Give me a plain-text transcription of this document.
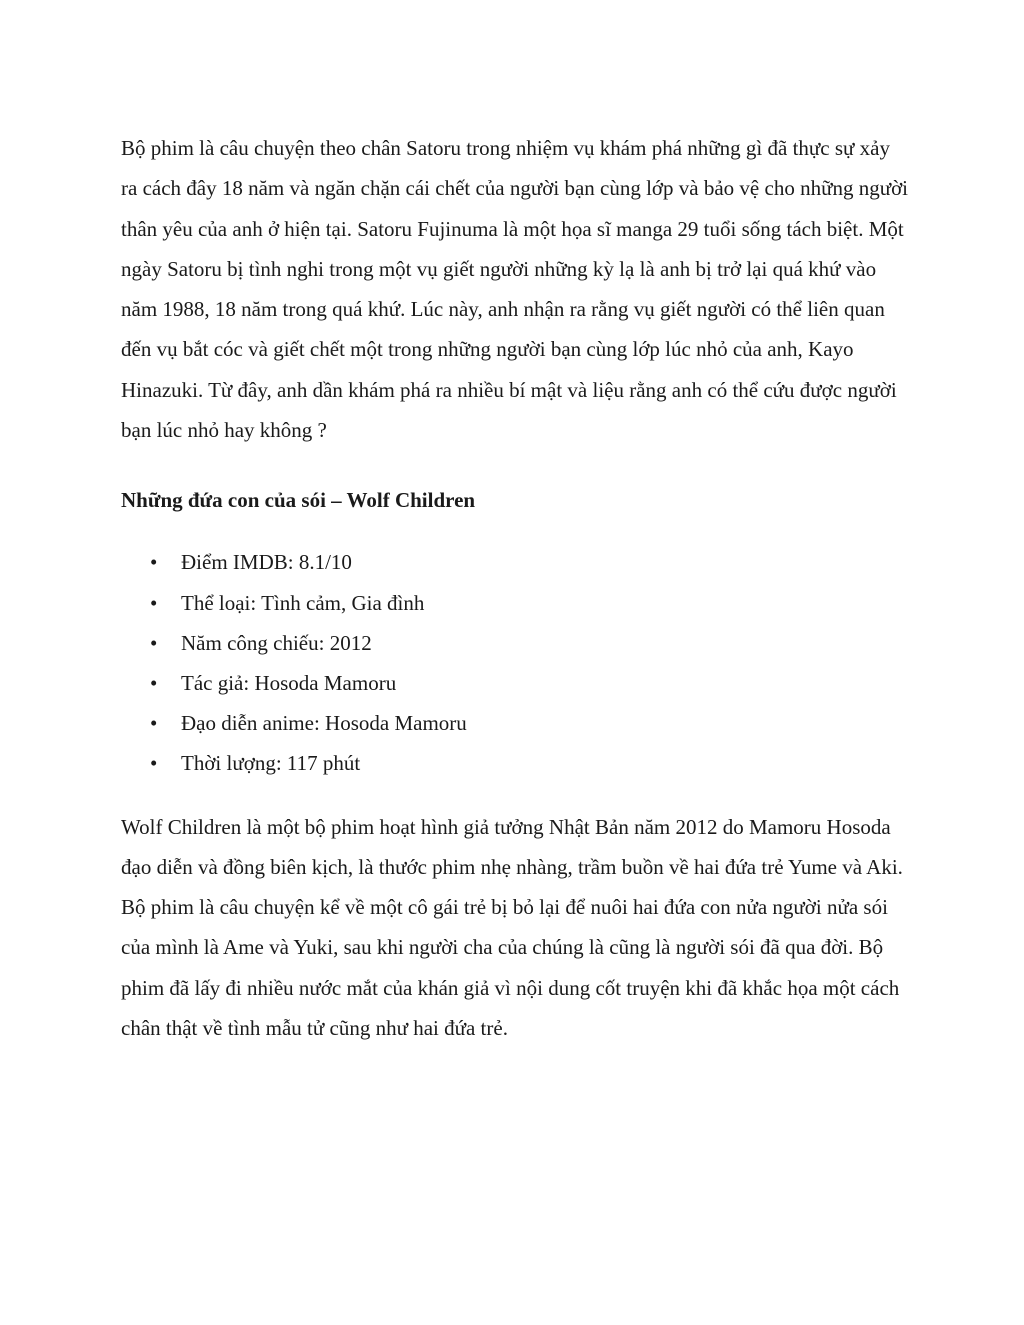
Bộ phim là câu chuyện theo chân Satoru trong nhiệm vụ khám phá những gì đã thực sự xảy ra cách đây 18 năm và ngăn chặn cái chết của người bạn cùng lớp và bảo vệ cho những người thân yêu của anh ở hiện tại. Satoru Fujinuma là một họa sĩ manga 29 tuổi sống tách biệt. Một ngày Satoru bị tình nghi trong một vụ giết người những kỳ lạ là anh bị trở lại quá khứ vào năm 1988, 18 năm trong quá khứ. Lúc này, anh nhận ra rằng vụ giết người có thể liên quan đến vụ bắt cóc và giết chết một trong những người bạn cùng lớp lúc nhỏ của anh, Kayo Hinazuki. Từ đây, anh dần khám phá ra nhiều bí mật và liệu rằng anh có thể cứu được người bạn lúc nhỏ hay không ?

Những đứa con của sói – Wolf Children
• Điểm IMDB: 8.1/10
• Thể loại: Tình cảm, Gia đình
• Năm công chiếu: 2012
• Tác giả: Hosoda Mamoru
• Đạo diễn anime: Hosoda Mamoru
• Thời lượng: 117 phút

Wolf Children là một bộ phim hoạt hình giả tưởng Nhật Bản năm 2012 do Mamoru Hosoda đạo diễn và đồng biên kịch, là thước phim nhẹ nhàng, trầm buồn về hai đứa trẻ Yume và Aki. Bộ phim là câu chuyện kể về một cô gái trẻ bị bỏ lại để nuôi hai đứa con nửa người nửa sói của mình là Ame và Yuki, sau khi người cha của chúng là cũng là người sói đã qua đời. Bộ phim đã lấy đi nhiều nước mắt của khán giả vì nội dung cốt truyện khi đã khắc họa một cách chân thật về tình mẫu tử cũng như hai đứa trẻ.
